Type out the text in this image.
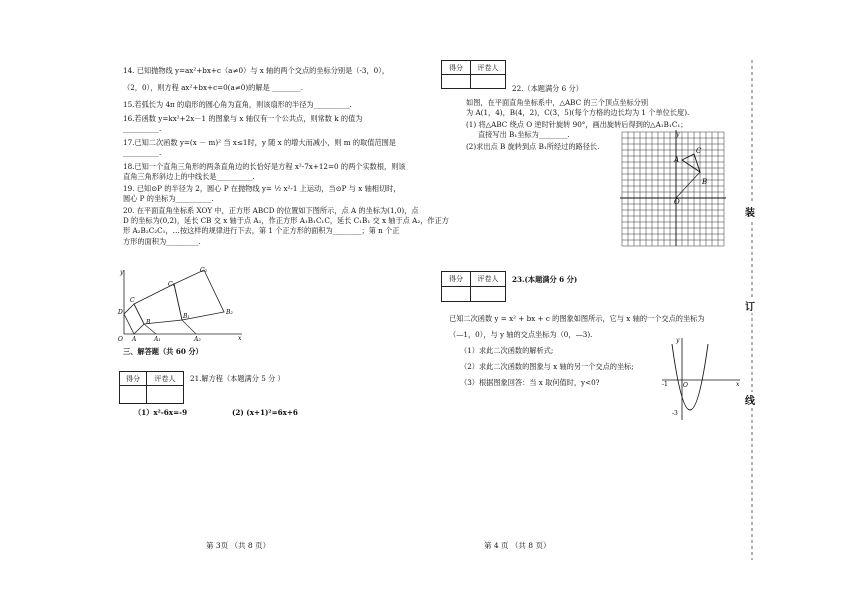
14. 已知抛物线 y=ax²+bx+c（a≠0）与 x 轴的两个交点的坐标分别是（-3，0），
（2，0），则方程 ax²+bx+c=0(a≠0)的解是 ________.
15.若弧长为 4π 的扇形的圆心角为直角，则该扇形的半径为__________.
16.若函数 y=kx²+2x－1 的图象与 x 轴仅有一个公共点，则常数 k 的值为
__________.
17.已知二次函数 y=(x － m)² 当 x≤1时，y 随 x 的增大而减小，则 m 的取值范围是
__________.
18.已知一个直角三角形的两条直角边的长恰好是方程 x²-7x+12=0 的两个实数根，则该
直角三角形斜边上的中线长是__________.
19. 已知⊙P 的半径为 2，圆心 P 在抛物线 y= ½ x²-1 上运动，当⊙P 与 x 轴相切时，
圆心 P 的坐标为__________.
20. 在平面直角坐标系 XOY 中，正方形 ABCD 的位置如下图所示，点 A 的坐标为(1,0)，点
D 的坐标为(0,2)，延长 CB 交 x 轴于点 A₁，作正方形 A₁B₁C₁C，延长 C₁B₁ 交 x 轴于点 A₂，作正方
形 A₂B₂C₂C₁，…按这样的规律进行下去，第 1 个正方形的面积为________；第 n 个正
方形的面积为_________.
y
x
O A	A₁	A₂
D
C
B
C₁
B₁
C₂
B₂
三、解答题（共 60 分）
得分	评卷人
	21.解方程（本题满分 5 分 ）
（1）x²-6x=-9	(2) (x+1)²=6x+6
第 3页 （共 8 页）
得分	评卷人

22.（本题满分 6 分）
如图，在平面直角坐标系中，△ABC 的三个顶点坐标分别
为 A(1，4)，B(4，2)，C(3，5)(每个方格的边长均为 1 个单位长度).
(1) 将△ABC 绕点 O 逆时针旋转 90°，画出旋转后得到的△A₁B₁C₁；
直接写出 B₁坐标为________.
(2)求出点 B 旋转到点 B₁所经过的路径长.
y
O
A
C
B
得分	评卷人
	23.(本题满分 6 分)
已知二次函数 y = x² + bx + c 的图象如图所示，它与 x 轴的一个交点的坐标为
（—1，0），与 y 轴的交点坐标为（0，—3).
（1）求此二次函数的解析式;
（2）求此二次函数的图象与 x 轴的另一个交点的坐标;
（3）根据图象回答：当 x 取何值时，y<0?
y
x
-1	O
-3
第 4 页 （共 8 页）
装
订
线
